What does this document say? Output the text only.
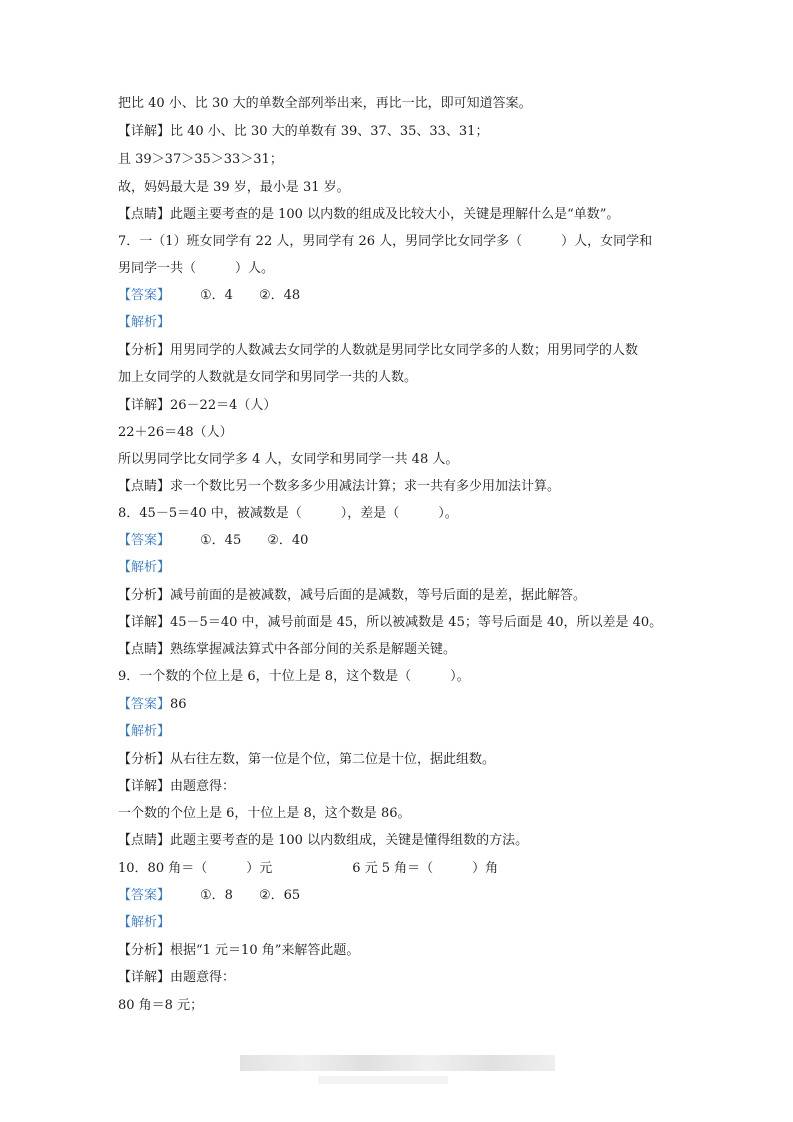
把比 40 小、比 30 大的单数全部列举出来，再比一比，即可知道答案。
【详解】比 40 小、比 30 大的单数有 39、37、35、33、31；
且 39＞37＞35＞33＞31；
故，妈妈最大是 39 岁，最小是 31 岁。
【点睛】此题主要考查的是 100 以内数的组成及比较大小，关键是理解什么是“单数”。
7．一（1）班女同学有 22 人，男同学有 26 人，男同学比女同学多（　　　）人，女同学和
男同学一共（　　　）人。
【答案】 ①．4　　②．48
【解析】
【分析】用男同学的人数减去女同学的人数就是男同学比女同学多的人数；用男同学的人数
加上女同学的人数就是女同学和男同学一共的人数。
【详解】26－22＝4（人）
22＋26＝48（人）
所以男同学比女同学多 4 人，女同学和男同学一共 48 人。
【点睛】求一个数比另一个数多多少用减法计算；求一共有多少用加法计算。
8．45－5＝40 中，被减数是（　　　），差是（　　　）。
【答案】 ①．45　　②．40
【解析】
【分析】减号前面的是被减数，减号后面的是减数，等号后面的是差，据此解答。
【详解】45－5＝40 中，减号前面是 45，所以被减数是 45；等号后面是 40，所以差是 40。
【点睛】熟练掌握减法算式中各部分间的关系是解题关键。
9．一个数的个位上是 6，十位上是 8，这个数是（　　　）。
【答案】86
【解析】
【分析】从右往左数，第一位是个位，第二位是十位，据此组数。
【详解】由题意得：
一个数的个位上是 6，十位上是 8，这个数是 86。
【点睛】此题主要考查的是 100 以内数组成，关键是懂得组数的方法。
10．80 角＝（　　　）元	6 元 5 角＝（　　　）角
【答案】 ①．8　　②．65
【解析】
【分析】根据“1 元＝10 角”来解答此题。
【详解】由题意得：
80 角＝8 元；
